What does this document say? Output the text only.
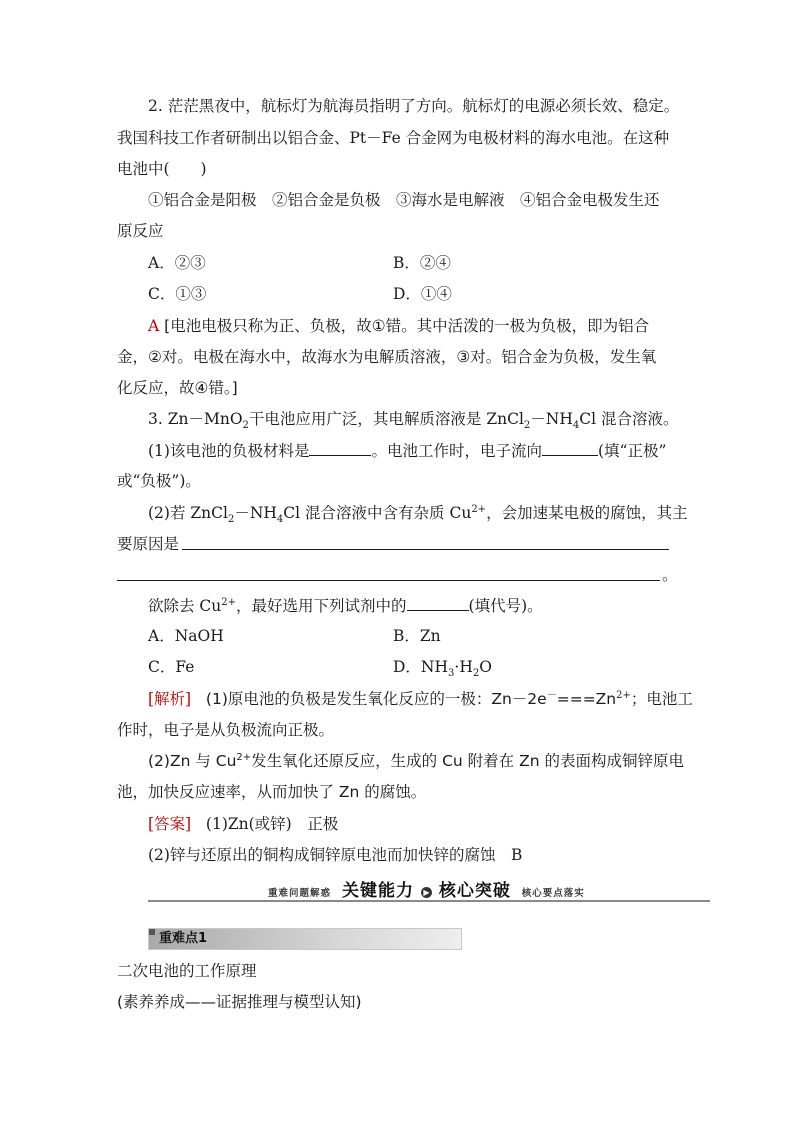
2. 茫茫黑夜中，航标灯为航海员指明了方向。航标灯的电源必须长效、稳定。
我国科技工作者研制出以铝合金、Pt－Fe 合金网为电极材料的海水电池。在这种
电池中(　　)
①铝合金是阳极　②铝合金是负极　③海水是电解液　④铝合金电极发生还
原反应
A．②③	B．②④
C．①③	D．①④
A [电池电极只称为正、负极，故①错。其中活泼的一极为负极，即为铝合
金，②对。电极在海水中，故海水为电解质溶液，③对。铝合金为负极，发生氧
化反应，故④错。]
3. Zn－MnO$_2$干电池应用广泛，其电解质溶液是 $ZnCl_2-NH_4Cl$ 混合溶液。
(1)该电池的负极材料是	。电池工作时，电子流向	(填“正极”
或“负极”)。
(2)若 $ZnCl_2-NH_4Cl$ 混合溶液中含有杂质 $Cu^{2+}$，会加速某电极的腐蚀，其主
要原因是
。
欲除去 $Cu^{2+}$，最好选用下列试剂中的	(填代号)。
A．NaOH	B．Zn
C．Fe	D．$NH_3\cdot H_2O$
[解析] (1)原电池的负极是发生氧化反应的一极：$Zn-2e^-===Zn^{2+}$；电池工
作时，电子是从负极流向正极。
(2)Zn 与 $Cu^{2+}$发生氧化还原反应，生成的 Cu 附着在 Zn 的表面构成铜锌原电
池，加快反应速率，从而加快了 Zn 的腐蚀。
[答案] (1)Zn(或锌)　正极
(2)锌与还原出的铜构成铜锌原电池而加快锌的腐蚀　B
重难问题解惑 关键能力 ▶ 核心突破 核心要点落实
重难点1
二次电池的工作原理
(素养养成——证据推理与模型认知)
